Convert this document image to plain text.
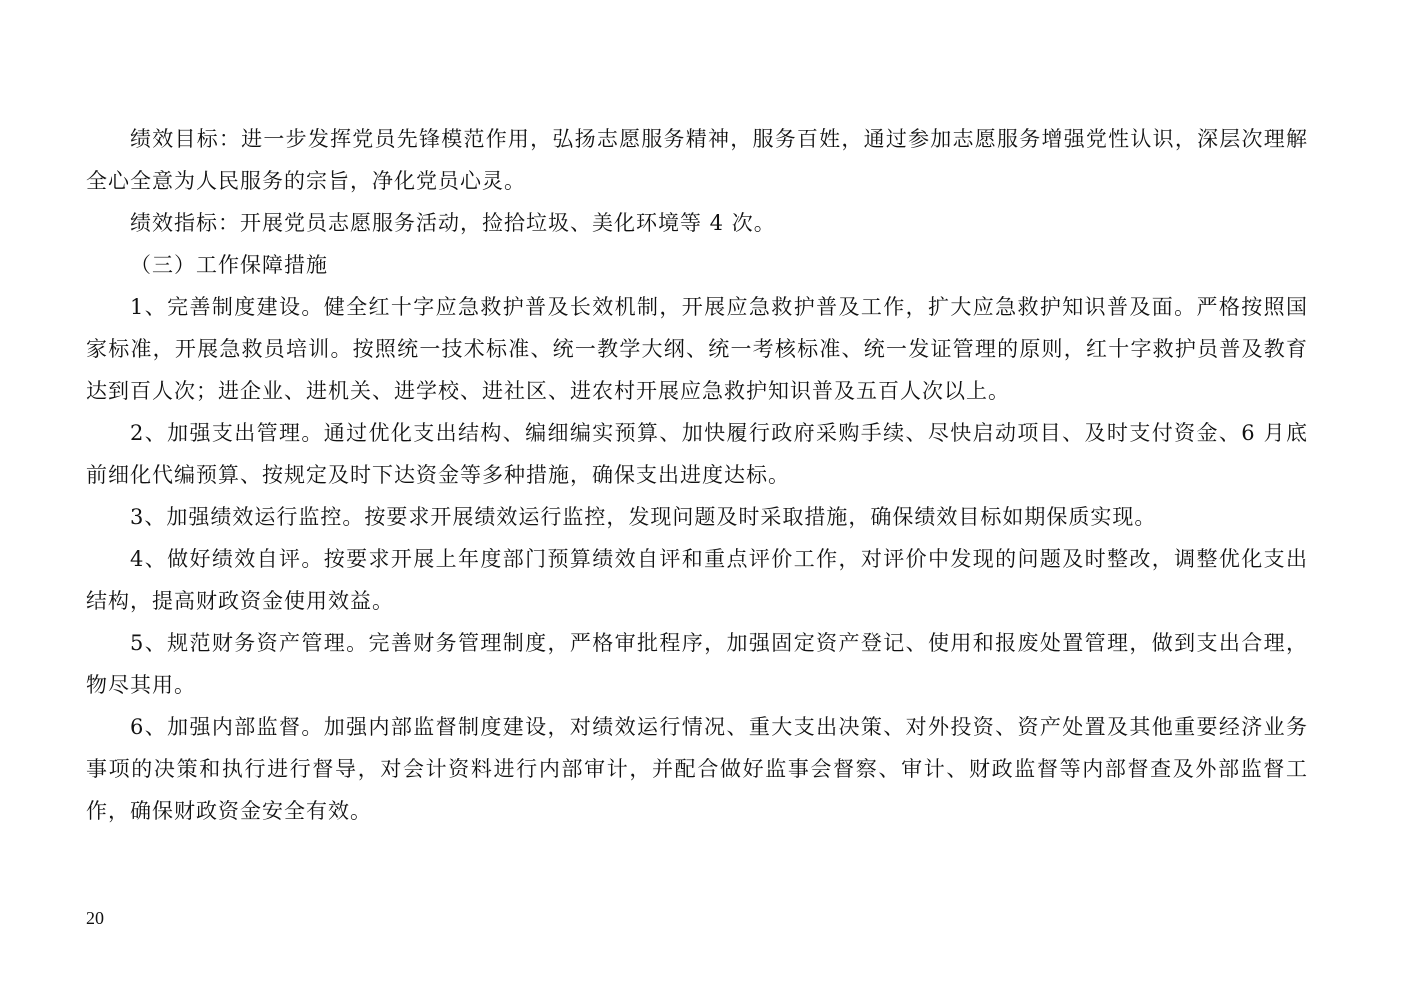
绩效目标：进一步发挥党员先锋模范作用，弘扬志愿服务精神，服务百姓，通过参加志愿服务增强党性认识，深层次理解全心全意为人民服务的宗旨，净化党员心灵。

绩效指标：开展党员志愿服务活动，捡拾垃圾、美化环境等 4 次。

（三）工作保障措施

1、完善制度建设。健全红十字应急救护普及长效机制，开展应急救护普及工作，扩大应急救护知识普及面。严格按照国家标准，开展急救员培训。按照统一技术标准、统一教学大纲、统一考核标准、统一发证管理的原则，红十字救护员普及教育达到百人次；进企业、进机关、进学校、进社区、进农村开展应急救护知识普及五百人次以上。

2、加强支出管理。通过优化支出结构、编细编实预算、加快履行政府采购手续、尽快启动项目、及时支付资金、6 月底前细化代编预算、按规定及时下达资金等多种措施，确保支出进度达标。

3、加强绩效运行监控。按要求开展绩效运行监控，发现问题及时采取措施，确保绩效目标如期保质实现。

4、做好绩效自评。按要求开展上年度部门预算绩效自评和重点评价工作，对评价中发现的问题及时整改，调整优化支出结构，提高财政资金使用效益。

5、规范财务资产管理。完善财务管理制度，严格审批程序，加强固定资产登记、使用和报废处置管理，做到支出合理，物尽其用。

6、加强内部监督。加强内部监督制度建设，对绩效运行情况、重大支出决策、对外投资、资产处置及其他重要经济业务事项的决策和执行进行督导，对会计资料进行内部审计，并配合做好监事会督察、审计、财政监督等内部督查及外部监督工作，确保财政资金安全有效。

20
